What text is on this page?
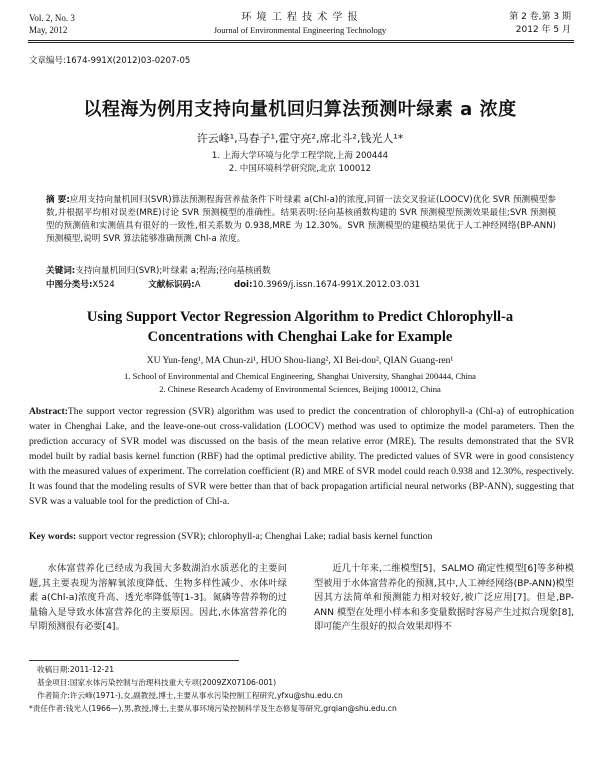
Vol. 2, No. 3
May, 2012
环 境 工 程 技 术 学 报
Journal of Environmental Engineering Technology
第 2 卷,第 3 期
2012 年 5 月
文章编号:1674-991X(2012)03-0207-05
以程海为例用支持向量机回归算法预测叶绿素 a 浓度
许云峰¹,马春子¹,霍守亮²,席北斗²,钱光人¹*
1. 上海大学环境与化学工程学院,上海 200444
2. 中国环境科学研究院,北京 100012
摘 要:应用支持向量机回归(SVR)算法预测程海营养盐条件下叶绿素 a(Chl-a)的浓度,同留一法交叉验证(LOOCV)优化 SVR 预测模型参数,并根据平均相对误差(MRE)讨论 SVR 预测模型的准确性。结果表明:径向基核函数构建的 SVR 预测模型预测效果最佳;SVR 预测模型的预测值和实测值具有很好的一致性,相关系数为 0.938,MRE 为 12.30%。SVR 预测模型的建模结果优于人工神经网络(BP-ANN)预测模型,说明 SVR 算法能够准确预测 Chl-a 浓度。
关键词:支持向量机回归(SVR);叶绿素 a;程海;径向基核函数
中图分类号:X524	文献标识码:A	doi:10.3969/j.issn.1674-991X.2012.03.031
Using Support Vector Regression Algorithm to Predict Chlorophyll-a
Concentrations with Chenghai Lake for Example
XU Yun-feng¹, MA Chun-zi¹, HUO Shou-liang², XI Bei-dou², QIAN Guang-ren¹
1. School of Environmental and Chemical Engineering, Shanghai University, Shanghai 200444, China
2. Chinese Research Academy of Environmental Sciences, Beijing 100012, China
Abstract:The support vector regression (SVR) algorithm was used to predict the concentration of chlorophyll-a (Chl-a) of eutrophication water in Chenghai Lake, and the leave-one-out cross-validation (LOOCV) method was used to optimize the model parameters. Then the prediction accuracy of SVR model was discussed on the basis of the mean relative error (MRE). The results demonstrated that the SVR model built by radial basis kernel function (RBF) had the optimal predictive ability. The predicted values of SVR were in good consistency with the measured values of experiment. The correlation coefficient (R) and MRE of SVR model could reach 0.938 and 12.30%, respectively. It was found that the modeling results of SVR were better than that of back propagation artificial neural networks (BP-ANN), suggesting that SVR was a valuable tool for the prediction of Chl-a.
Key words: support vector regression (SVR); chlorophyll-a; Chenghai Lake; radial basis kernel function
水体富营养化已经成为我国大多数湖泊水质恶化的主要问题,其主要表现为溶解氧浓度降低、生物多样性减少、水体叶绿素 a(Chl-a)浓度升高、透光率降低等[1-3]。氮磷等营养物的过量输入是导致水体富营养化的主要原因。因此,水体富营养化的早期预测很有必要[4]。
近几十年来,二维模型[5]、SALMO 确定性模型[6]等多种模型被用于水体富营养化的预测,其中,人工神经网络(BP-ANN)模型因其方法简单和预测能力相对较好,被广泛应用[7]。但是,BP-ANN 模型在处理小样本和多变量数据时容易产生过拟合现象[8],即可能产生很好的拟合效果却得不
收稿日期:2011-12-21
基金项目:国家水体污染控制与治理科技重大专项(2009ZX07106-001)
作者简介:许云峰(1971-),女,副教授,博士,主要从事水污染控制工程研究,yfxu@shu.edu.cn
*责任作者:钱光人(1966—),男,教授,博士,主要从事环境污染控制科学及生态修复等研究,grqian@shu.edu.cn
